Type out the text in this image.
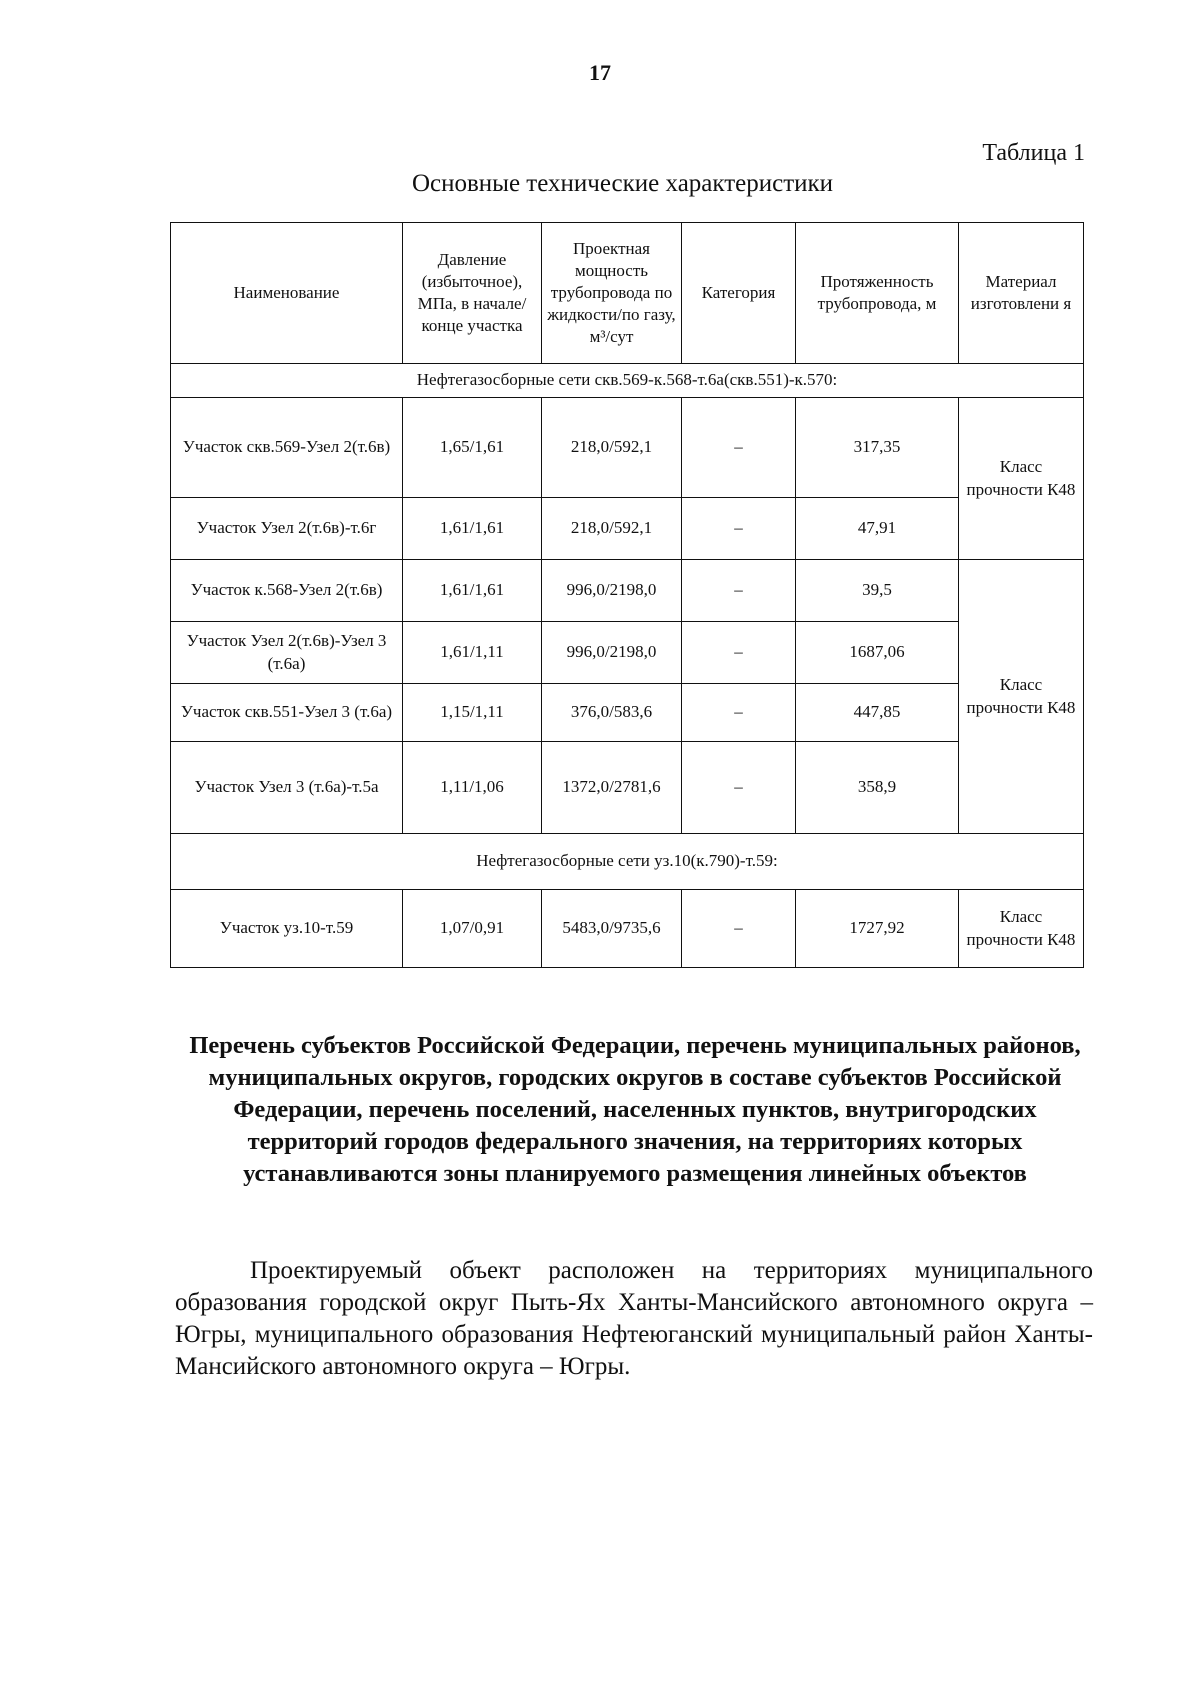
17
Таблица 1
Основные технические характеристики
Наименование	Давление (избыточное), МПа, в начале/ конце участка	Проектная мощность трубопровода по жидкости/по газу, м³/сут	Категория	Протяженность трубопровода, м	Материал изготовлени я
Нефтегазосборные сети скв.569-к.568-т.6а(скв.551)-к.570:					
Участок скв.569-Узел 2(т.6в)	1,65/1,61	218,0/592,1	–	317,35	Класс прочности К48
Участок Узел 2(т.6в)-т.6г	1,61/1,61	218,0/592,1	–	47,91	
Участок к.568-Узел 2(т.6в)	1,61/1,61	996,0/2198,0	–	39,5	Класс прочности К48
Участок Узел 2(т.6в)-Узел 3 (т.6а)	1,61/1,11	996,0/2198,0	–	1687,06	
Участок скв.551-Узел 3 (т.6а)	1,15/1,11	376,0/583,6	–	447,85	
Участок Узел 3 (т.6а)-т.5а	1,11/1,06	1372,0/2781,6	–	358,9	
Нефтегазосборные сети уз.10(к.790)-т.59:					
Участок уз.10-т.59	1,07/0,91	5483,0/9735,6	–	1727,92	Класс прочности К48
Перечень субъектов Российской Федерации, перечень муниципальных районов, муниципальных округов, городских округов в составе субъектов Российской Федерации, перечень поселений, населенных пунктов, внутригородских территорий городов федерального значения, на территориях которых устанавливаются зоны планируемого размещения линейных объектов
Проектируемый объект расположен на территориях муниципального образования городской округ Пыть-Ях Ханты-Мансийского автономного округа – Югры, муниципального образования Нефтеюганский муниципальный район Ханты-Мансийского автономного округа – Югры.
